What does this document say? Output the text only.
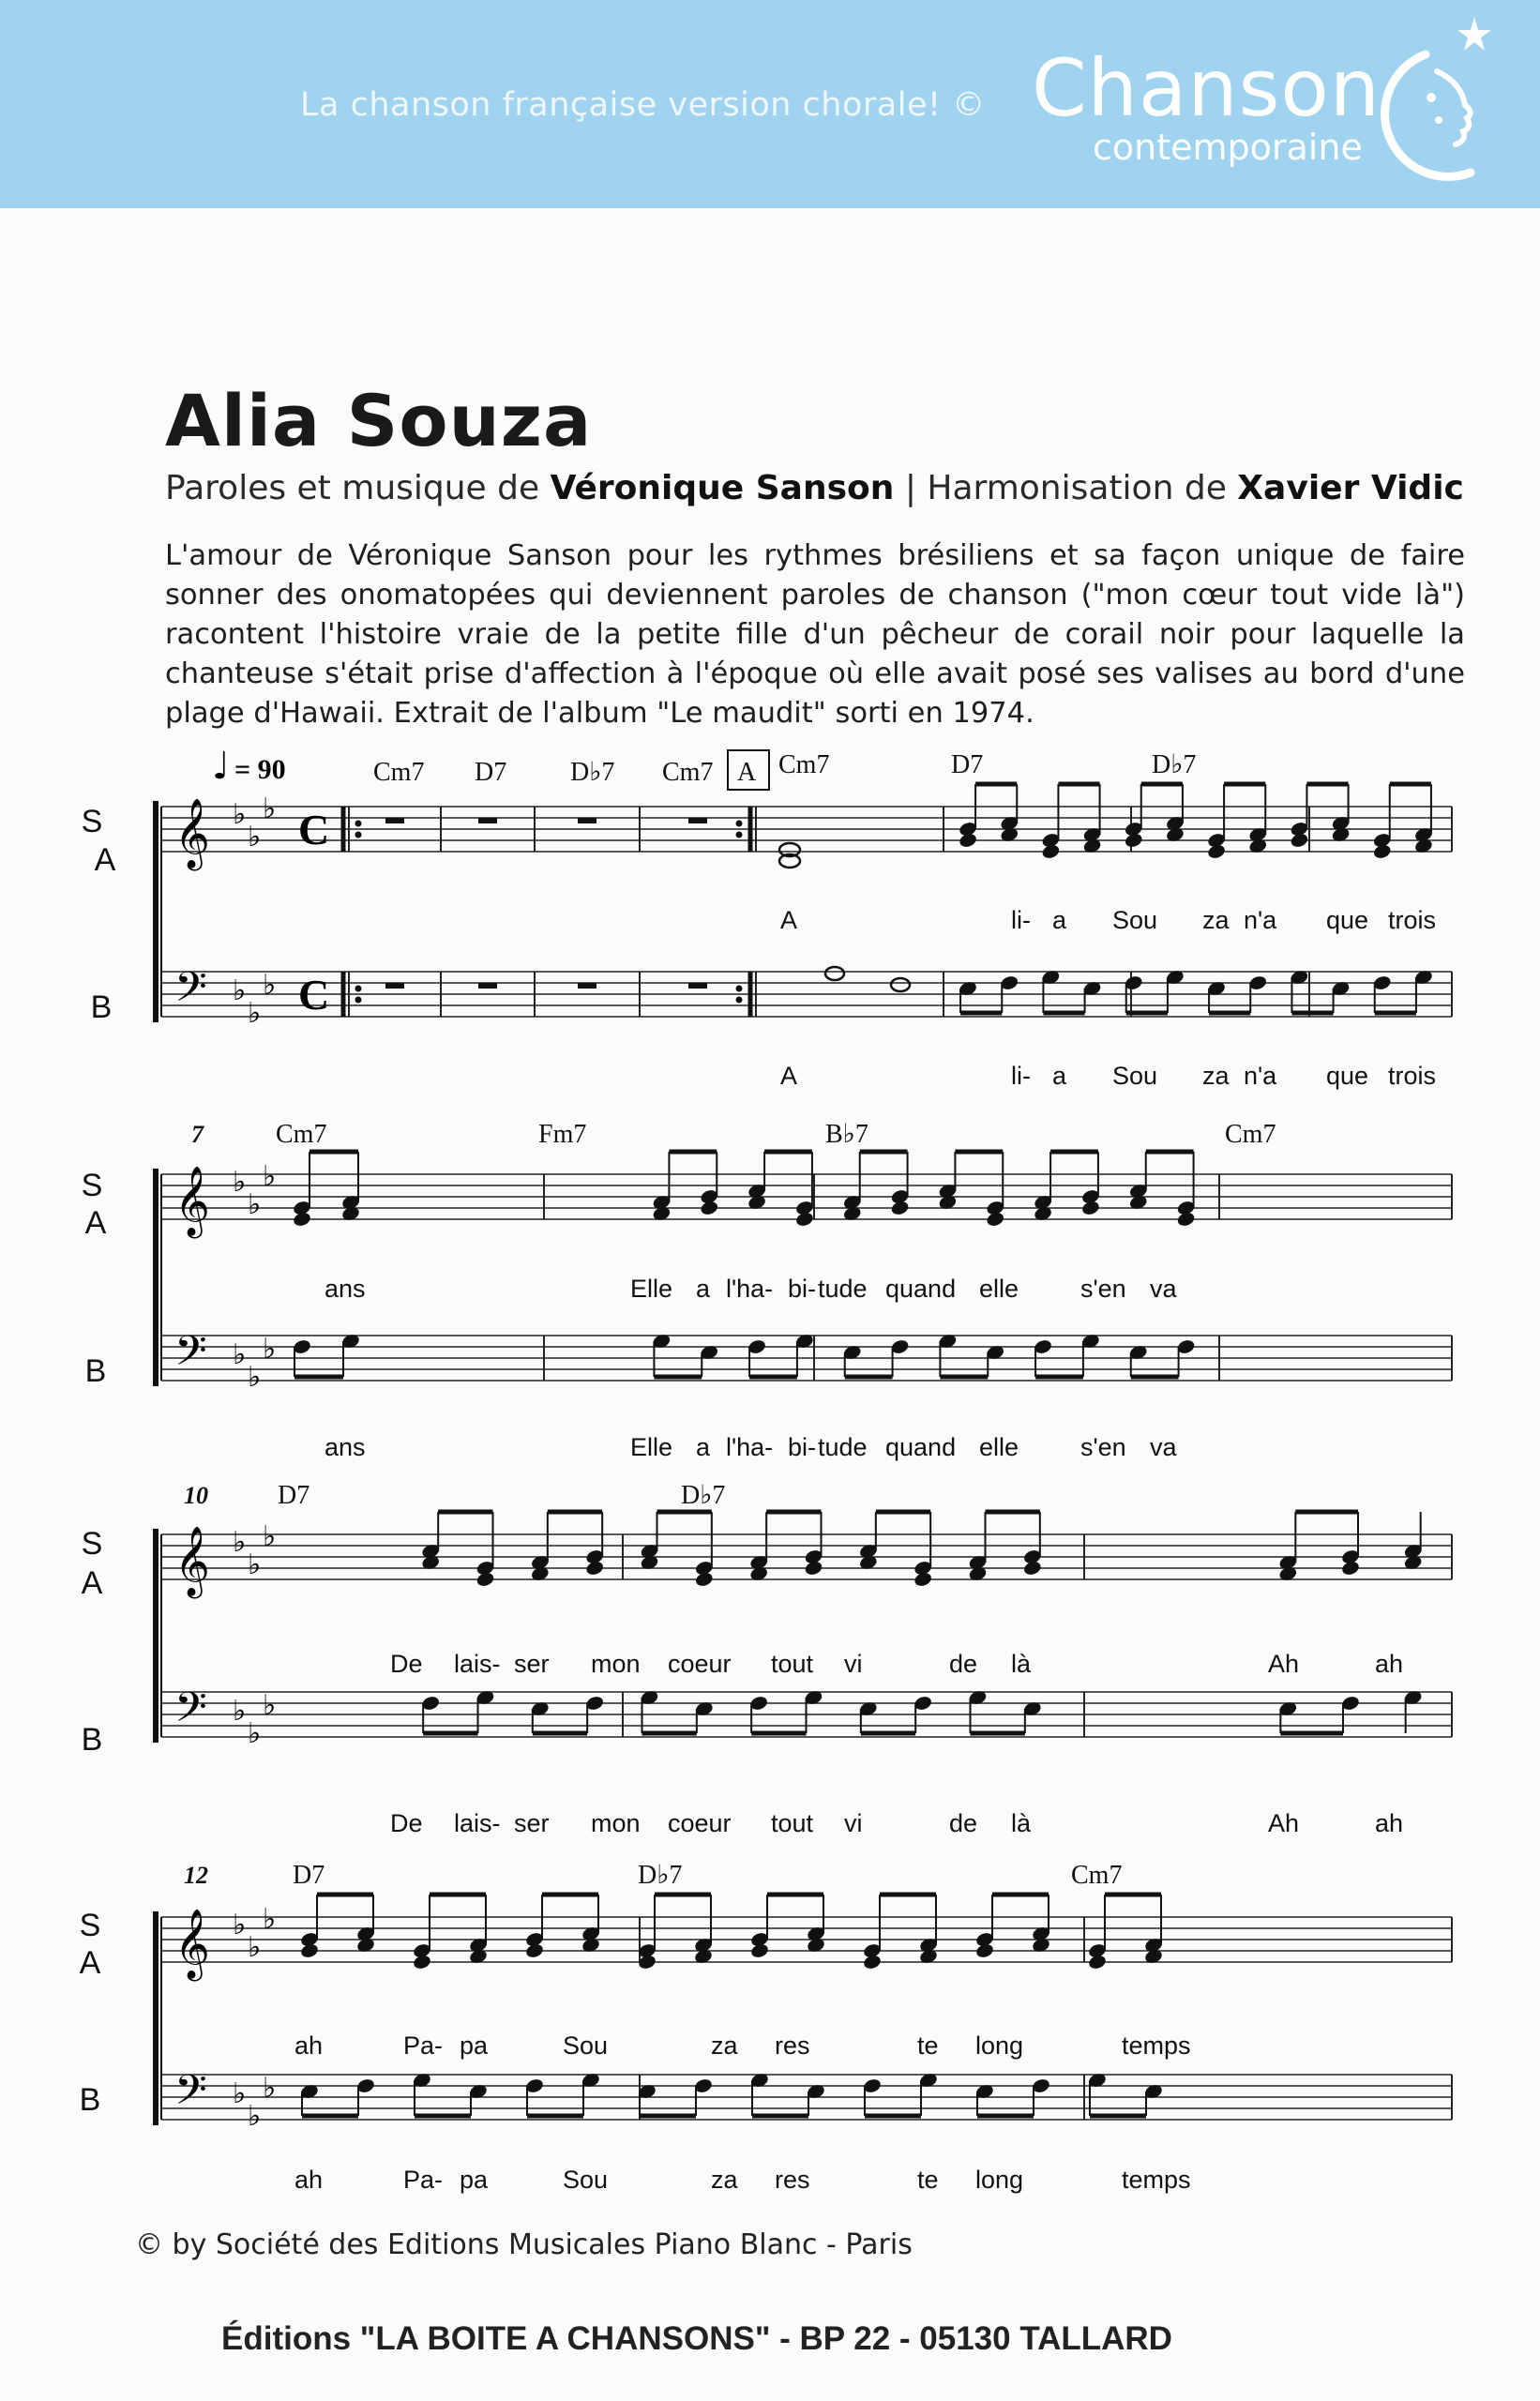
La chanson française version chorale! © Chanson
contemporaine
Alia Souza
Paroles et musique de Véronique Sanson | Harmonisation de Xavier Vidic
L'amour de Véronique Sanson pour les rythmes brésiliens et sa façon unique de faire sonner des onomatopées qui deviennent paroles de chanson ("mon cœur tout vide là") racontent l'histoire vraie de la petite fille d'un pêcheur de corail noir pour laquelle la chanteuse s'était prise d'affection à l'époque où elle avait posé ses valises au bord d'une plage d'Hawaii. Extrait de l'album "Le maudit" sorti en 1974.
𝄞 ♭
♭
♭ C
𝄢 ♭
♭
♭ C
𝄞 ♭
♭
♭
𝄢 ♭
♭
♭
𝄞 ♭
♭
♭
𝄢 ♭
♭
♭
𝄞 ♭
♭
♭
𝄢 ♭
♭
♭
S
A
B
S
A
B
S
A
B
S
A
B
♩ = 90	A
7
10
12
Cm7 D7 D♭7 Cm7 Cm7	D7	D♭7
Cm7	Fm7	B♭7	Cm7
D7	D♭7
D7	D♭7	Cm7
A	li- a Sou za n'a que trois
A	li- a Sou za n'a que trois
ans	Elle a l'ha- bi- tude quand elle s'en va
ans	Elle a l'ha- bi- tude quand elle s'en va
De lais- ser mon coeur tout vi	de là	Ah	ah
De lais- ser mon coeur tout vi	de là	Ah	ah
ah	Pa- pa	Sou	za res	te long	temps
ah	Pa- pa	Sou	za res	te long	temps
© by Société des Editions Musicales Piano Blanc - Paris
Éditions "LA BOITE A CHANSONS" - BP 22 - 05130 TALLARD
